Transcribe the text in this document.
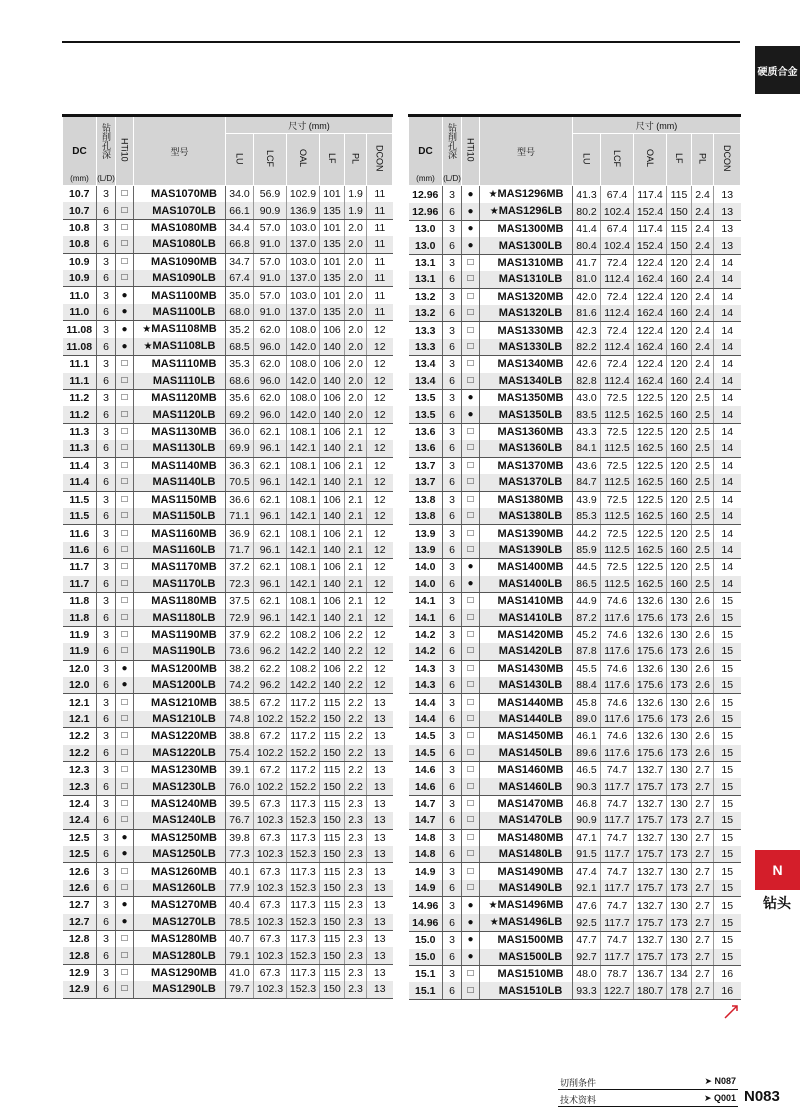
硬质合金
N
钻头
DC
(mm)	钻削孔深
(L/D)	HTi10	型号	尺寸 (mm)					
				LU	LCF	OAL	LF	PL	DCON
10.7	3	□	MAS1070MB	34.0	56.9	102.9	101	1.9	11
10.7	6	□	MAS1070LB	66.1	90.9	136.9	135	1.9	11
10.8	3	□	MAS1080MB	34.4	57.0	103.0	101	2.0	11
10.8	6	□	MAS1080LB	66.8	91.0	137.0	135	2.0	11
10.9	3	□	MAS1090MB	34.7	57.0	103.0	101	2.0	11
10.9	6	□	MAS1090LB	67.4	91.0	137.0	135	2.0	11
11.0	3	●	MAS1100MB	35.0	57.0	103.0	101	2.0	11
11.0	6	●	MAS1100LB	68.0	91.0	137.0	135	2.0	11
11.08	3	●	★MAS1108MB	35.2	62.0	108.0	106	2.0	12
11.08	6	●	★MAS1108LB	68.5	96.0	142.0	140	2.0	12
11.1	3	□	MAS1110MB	35.3	62.0	108.0	106	2.0	12
11.1	6	□	MAS1110LB	68.6	96.0	142.0	140	2.0	12
11.2	3	□	MAS1120MB	35.6	62.0	108.0	106	2.0	12
11.2	6	□	MAS1120LB	69.2	96.0	142.0	140	2.0	12
11.3	3	□	MAS1130MB	36.0	62.1	108.1	106	2.1	12
11.3	6	□	MAS1130LB	69.9	96.1	142.1	140	2.1	12
11.4	3	□	MAS1140MB	36.3	62.1	108.1	106	2.1	12
11.4	6	□	MAS1140LB	70.5	96.1	142.1	140	2.1	12
11.5	3	□	MAS1150MB	36.6	62.1	108.1	106	2.1	12
11.5	6	□	MAS1150LB	71.1	96.1	142.1	140	2.1	12
11.6	3	□	MAS1160MB	36.9	62.1	108.1	106	2.1	12
11.6	6	□	MAS1160LB	71.7	96.1	142.1	140	2.1	12
11.7	3	□	MAS1170MB	37.2	62.1	108.1	106	2.1	12
11.7	6	□	MAS1170LB	72.3	96.1	142.1	140	2.1	12
11.8	3	□	MAS1180MB	37.5	62.1	108.1	106	2.1	12
11.8	6	□	MAS1180LB	72.9	96.1	142.1	140	2.1	12
11.9	3	□	MAS1190MB	37.9	62.2	108.2	106	2.2	12
11.9	6	□	MAS1190LB	73.6	96.2	142.2	140	2.2	12
12.0	3	●	MAS1200MB	38.2	62.2	108.2	106	2.2	12
12.0	6	●	MAS1200LB	74.2	96.2	142.2	140	2.2	12
12.1	3	□	MAS1210MB	38.5	67.2	117.2	115	2.2	13
12.1	6	□	MAS1210LB	74.8	102.2	152.2	150	2.2	13
12.2	3	□	MAS1220MB	38.8	67.2	117.2	115	2.2	13
12.2	6	□	MAS1220LB	75.4	102.2	152.2	150	2.2	13
12.3	3	□	MAS1230MB	39.1	67.2	117.2	115	2.2	13
12.3	6	□	MAS1230LB	76.0	102.2	152.2	150	2.2	13
12.4	3	□	MAS1240MB	39.5	67.3	117.3	115	2.3	13
12.4	6	□	MAS1240LB	76.7	102.3	152.3	150	2.3	13
12.5	3	●	MAS1250MB	39.8	67.3	117.3	115	2.3	13
12.5	6	●	MAS1250LB	77.3	102.3	152.3	150	2.3	13
12.6	3	□	MAS1260MB	40.1	67.3	117.3	115	2.3	13
12.6	6	□	MAS1260LB	77.9	102.3	152.3	150	2.3	13
12.7	3	●	MAS1270MB	40.4	67.3	117.3	115	2.3	13
12.7	6	●	MAS1270LB	78.5	102.3	152.3	150	2.3	13
12.8	3	□	MAS1280MB	40.7	67.3	117.3	115	2.3	13
12.8	6	□	MAS1280LB	79.1	102.3	152.3	150	2.3	13
12.9	3	□	MAS1290MB	41.0	67.3	117.3	115	2.3	13
12.9	6	□	MAS1290LB	79.7	102.3	152.3	150	2.3	13
DC
(mm)	钻削孔深
(L/D)	HTi10	型号	尺寸 (mm)					
				LU	LCF	OAL	LF	PL	DCON
12.96	3	●	★MAS1296MB	41.3	67.4	117.4	115	2.4	13
12.96	6	●	★MAS1296LB	80.2	102.4	152.4	150	2.4	13
13.0	3	●	MAS1300MB	41.4	67.4	117.4	115	2.4	13
13.0	6	●	MAS1300LB	80.4	102.4	152.4	150	2.4	13
13.1	3	□	MAS1310MB	41.7	72.4	122.4	120	2.4	14
13.1	6	□	MAS1310LB	81.0	112.4	162.4	160	2.4	14
13.2	3	□	MAS1320MB	42.0	72.4	122.4	120	2.4	14
13.2	6	□	MAS1320LB	81.6	112.4	162.4	160	2.4	14
13.3	3	□	MAS1330MB	42.3	72.4	122.4	120	2.4	14
13.3	6	□	MAS1330LB	82.2	112.4	162.4	160	2.4	14
13.4	3	□	MAS1340MB	42.6	72.4	122.4	120	2.4	14
13.4	6	□	MAS1340LB	82.8	112.4	162.4	160	2.4	14
13.5	3	●	MAS1350MB	43.0	72.5	122.5	120	2.5	14
13.5	6	●	MAS1350LB	83.5	112.5	162.5	160	2.5	14
13.6	3	□	MAS1360MB	43.3	72.5	122.5	120	2.5	14
13.6	6	□	MAS1360LB	84.1	112.5	162.5	160	2.5	14
13.7	3	□	MAS1370MB	43.6	72.5	122.5	120	2.5	14
13.7	6	□	MAS1370LB	84.7	112.5	162.5	160	2.5	14
13.8	3	□	MAS1380MB	43.9	72.5	122.5	120	2.5	14
13.8	6	□	MAS1380LB	85.3	112.5	162.5	160	2.5	14
13.9	3	□	MAS1390MB	44.2	72.5	122.5	120	2.5	14
13.9	6	□	MAS1390LB	85.9	112.5	162.5	160	2.5	14
14.0	3	●	MAS1400MB	44.5	72.5	122.5	120	2.5	14
14.0	6	●	MAS1400LB	86.5	112.5	162.5	160	2.5	14
14.1	3	□	MAS1410MB	44.9	74.6	132.6	130	2.6	15
14.1	6	□	MAS1410LB	87.2	117.6	175.6	173	2.6	15
14.2	3	□	MAS1420MB	45.2	74.6	132.6	130	2.6	15
14.2	6	□	MAS1420LB	87.8	117.6	175.6	173	2.6	15
14.3	3	□	MAS1430MB	45.5	74.6	132.6	130	2.6	15
14.3	6	□	MAS1430LB	88.4	117.6	175.6	173	2.6	15
14.4	3	□	MAS1440MB	45.8	74.6	132.6	130	2.6	15
14.4	6	□	MAS1440LB	89.0	117.6	175.6	173	2.6	15
14.5	3	□	MAS1450MB	46.1	74.6	132.6	130	2.6	15
14.5	6	□	MAS1450LB	89.6	117.6	175.6	173	2.6	15
14.6	3	□	MAS1460MB	46.5	74.7	132.7	130	2.7	15
14.6	6	□	MAS1460LB	90.3	117.7	175.7	173	2.7	15
14.7	3	□	MAS1470MB	46.8	74.7	132.7	130	2.7	15
14.7	6	□	MAS1470LB	90.9	117.7	175.7	173	2.7	15
14.8	3	□	MAS1480MB	47.1	74.7	132.7	130	2.7	15
14.8	6	□	MAS1480LB	91.5	117.7	175.7	173	2.7	15
14.9	3	□	MAS1490MB	47.4	74.7	132.7	130	2.7	15
14.9	6	□	MAS1490LB	92.1	117.7	175.7	173	2.7	15
14.96	3	●	★MAS1496MB	47.6	74.7	132.7	130	2.7	15
14.96	6	●	★MAS1496LB	92.5	117.7	175.7	173	2.7	15
15.0	3	●	MAS1500MB	47.7	74.7	132.7	130	2.7	15
15.0	6	●	MAS1500LB	92.7	117.7	175.7	173	2.7	15
15.1	3	□	MAS1510MB	48.0	78.7	136.7	134	2.7	16
15.1	6	□	MAS1510LB	93.3	122.7	180.7	178	2.7	16
切削条件	➤ N087
技术资料	➤ Q001 N083
